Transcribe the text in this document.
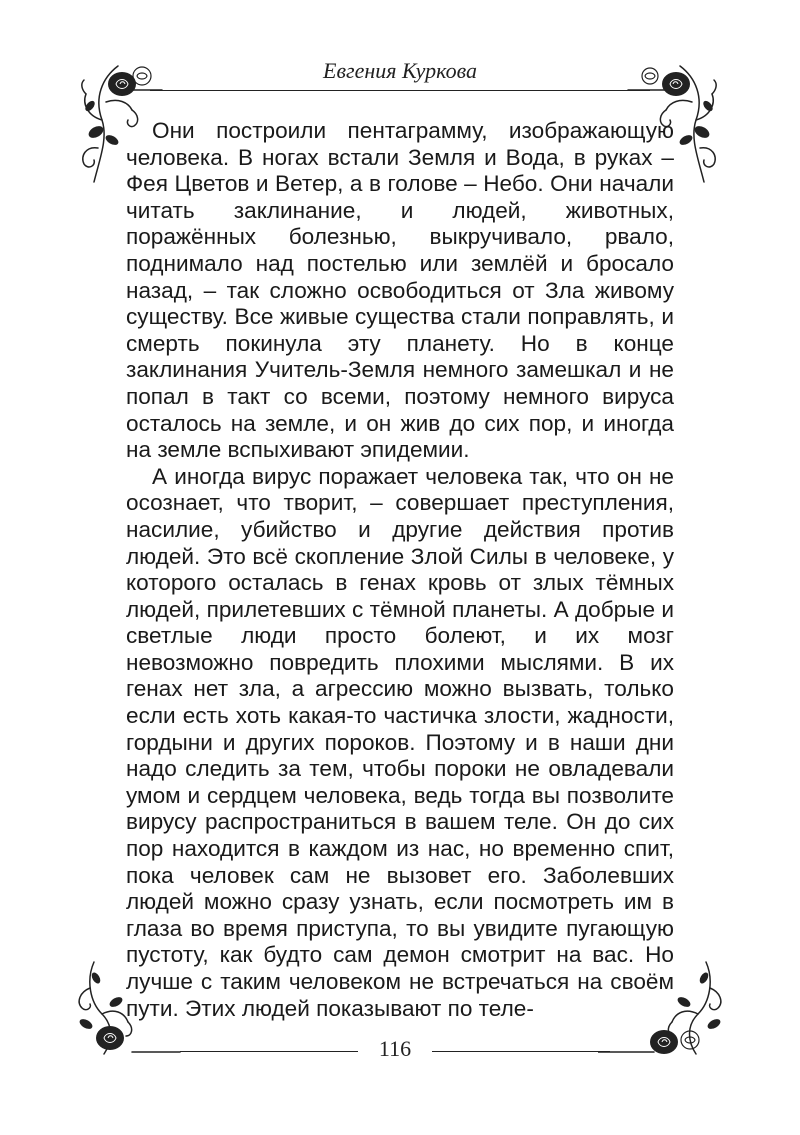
Евгения Куркова

Они построили пентаграмму, изображающую человека. В ногах встали Земля и Вода, в руках – Фея Цветов и Ветер, а в голове – Небо. Они начали читать заклинание, и людей, животных, поражённых болезнью, выкручивало, рвало, поднимало над постелью или землёй и бросало назад, – так сложно освободиться от Зла живому существу. Все живые существа стали поправлять, и смерть покинула эту планету. Но в конце заклинания Учитель-Земля немного замешкал и не попал в такт со всеми, поэтому немного вируса осталось на земле, и он жив до сих пор, и иногда на земле вспыхивают эпидемии.

А иногда вирус поражает человека так, что он не осознает, что творит, – совершает преступления, насилие, убийство и другие действия против людей. Это всё скопление Злой Силы в человеке, у которого осталась в генах кровь от злых тёмных людей, прилетевших с тёмной планеты. А добрые и светлые люди просто болеют, и их мозг невозможно повредить плохими мыслями. В их генах нет зла, а агрессию можно вызвать, только если есть хоть какая-то частичка злости, жадности, гордыни и других пороков. Поэтому и в наши дни надо следить за тем, чтобы пороки не овладевали умом и сердцем человека, ведь тогда вы позволите вирусу распространиться в вашем теле. Он до сих пор находится в каждом из нас, но временно спит, пока человек сам не вызовет его. Заболевших людей можно сразу узнать, если посмотреть им в глаза во время приступа, то вы увидите пугающую пустоту, как будто сам демон смотрит на вас. Но лучше с таким человеком не встречаться на своём пути. Этих людей показывают по теле-

116
